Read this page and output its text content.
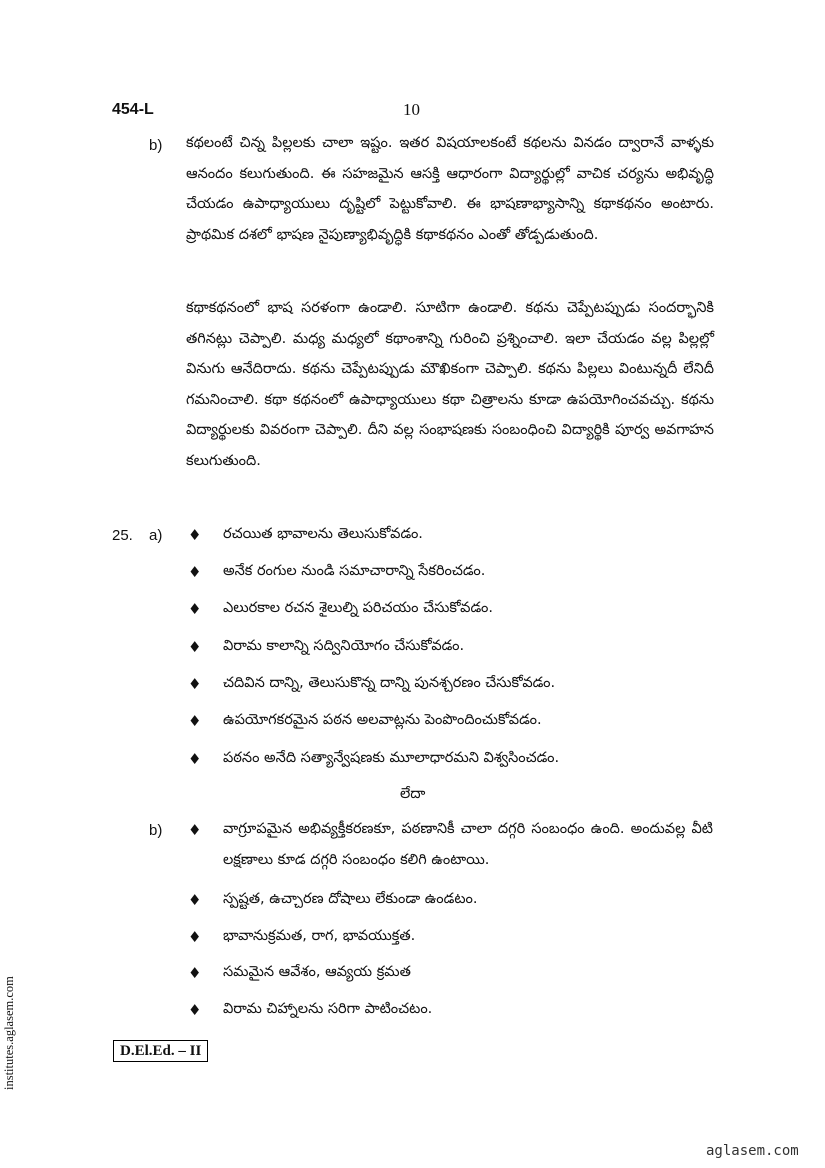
454-L	10
b) కథలంటే చిన్న పిల్లలకు చాలా ఇష్టం. ఇతర విషయాలకంటే కథలను వినడం ద్వారానే వాళ్ళకు ఆనందం కలుగుతుంది. ఈ సహజమైన ఆసక్తి ఆధారంగా విద్యార్థుల్లో వాచిక చర్యను అభివృద్ధి చేయడం ఉపాధ్యాయులు దృష్టిలో పెట్టుకోవాలి. ఈ భాషణాభ్యాసాన్ని కథాకథనం అంటారు. ప్రాథమిక దశలో భాషణ నైపుణ్యాభివృద్ధికి కథాకథనం ఎంతో తోడ్పడుతుంది.

కథాకథనంలో భాష సరళంగా ఉండాలి. సూటిగా ఉండాలి. కథను చెప్పేటప్పుడు సందర్భానికి తగినట్లు చెప్పాలి. మధ్య మధ్యలో కథాంశాన్ని గురించి ప్రశ్నించాలి. ఇలా చేయడం వల్ల పిల్లల్లో వినుగు ఆనేదిరాదు. కథను చెప్పేటప్పుడు మౌఖికంగా చెప్పాలి. కథను పిల్లలు వింటున్నదీ లేనిదీ గమనించాలి. కథా కథనంలో ఉపాధ్యాయులు కథా చిత్రాలను కూడా ఉపయోగించవచ్చు. కథను విద్యార్థులకు వివరంగా చెప్పాలి. దీని వల్ల సంభాషణకు సంబంధించి విద్యార్థికి పూర్వ అవగాహన కలుగుతుంది.

25. a) ♦ రచయిత భావాలను తెలుసుకోవడం.
♦ అనేక రంగుల నుండి సమాచారాన్ని సేకరించడం.
♦ ఎలురకాల రచన శైలుల్ని పరిచయం చేసుకోవడం.
♦ విరామ కాలాన్ని సద్వినియోగం చేసుకోవడం.
♦ చదివిన దాన్ని, తెలుసుకొన్న దాన్ని పునశ్చరణం చేసుకోవడం.
♦ ఉపయోగకరమైన పఠన అలవాట్లను పెంపొందించుకోవడం.
♦ పఠనం అనేది సత్యాన్వేషణకు మూలాధారమని విశ్వసించడం.
లేదా
b) ♦ వాగ్రూపమైన అభివ్యక్తీకరణకూ, పఠణానికీ చాలా దగ్గరి సంబంధం ఉంది. అందువల్ల వీటి లక్షణాలు కూడ దగ్గరి సంబంధం కలిగి ఉంటాయి.

♦ స్పష్టత, ఉచ్చారణ దోషాలు లేకుండా ఉండటం.
♦ భావానుక్రమత, రాగ, భావయుక్తత.
♦ సమమైన ఆవేశం, ఆవ్యయ క్రమత
♦ విరామ చిహ్నాలను సరిగా పాటించటం.
D.El.Ed. – II
institutes.aglasem.com
aglasem.com
